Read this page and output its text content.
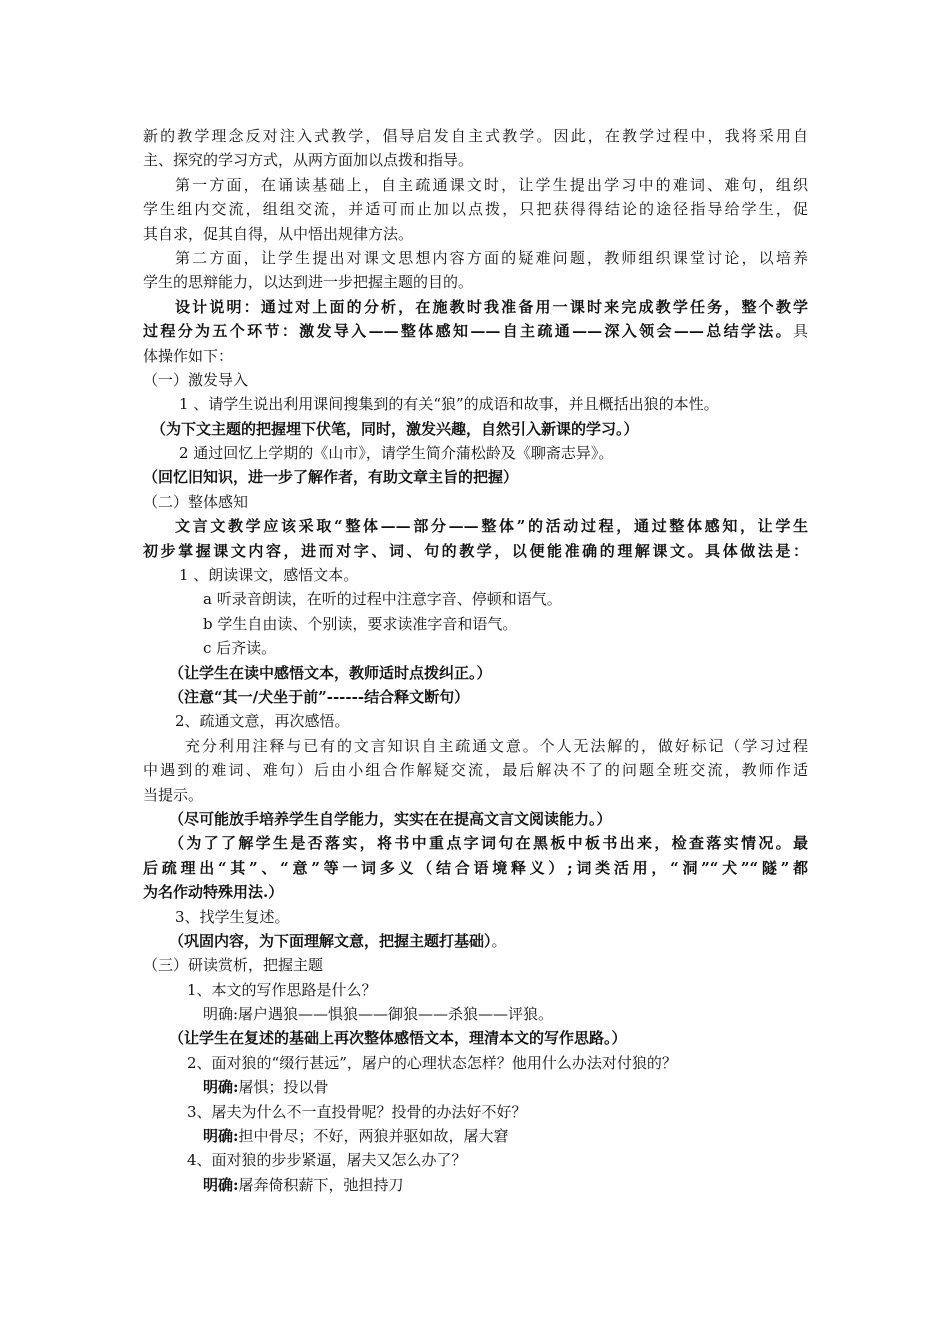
新的教学理念反对注入式教学，倡导启发自主式教学。因此，在教学过程中，我将采用自
主、探究的学习方式，从两方面加以点拨和指导。
第一方面，在诵读基础上，自主疏通课文时，让学生提出学习中的难词、难句，组织
学生组内交流，组组交流，并适可而止加以点拨，只把获得得结论的途径指导给学生，促
其自求，促其自得，从中悟出规律方法。
第二方面，让学生提出对课文思想内容方面的疑难问题，教师组织课堂讨论，以培养
学生的思辩能力，以达到进一步把握主题的目的。
设计说明：通过对上面的分析，在施教时我准备用一课时来完成教学任务，整个教学
过程分为五个环节：激发导入——整体感知——自主疏通——深入领会——总结学法。具
体操作如下：
（一）激发导入
1 、请学生说出利用课间搜集到的有关“狼”的成语和故事，并且概括出狼的本性。
（为下文主题的把握埋下伏笔，同时，激发兴趣，自然引入新课的学习。）
2 通过回忆上学期的《山市》，请学生简介蒲松龄及《聊斋志异》。
（回忆旧知识，进一步了解作者，有助文章主旨的把握）
（二）整体感知
文言文教学应该采取“整体——部分——整体”的活动过程，通过整体感知，让学生
初步掌握课文内容，进而对字、词、句的教学，以便能准确的理解课文。具体做法是：
1 、朗读课文，感悟文本。
a 听录音朗读，在听的过程中注意字音、停顿和语气。
b 学生自由读、个别读，要求读准字音和语气。
c 后齐读。
（让学生在读中感悟文本，教师适时点拨纠正。）
（注意“其一/犬坐于前”------结合释文断句）
2、疏通文意，再次感悟。
充分利用注释与已有的文言知识自主疏通文意。个人无法解的，做好标记（学习过程
中遇到的难词、难句）后由小组合作解疑交流，最后解决不了的问题全班交流，教师作适
当提示。
（尽可能放手培养学生自学能力，实实在在提高文言文阅读能力。）
（为了了解学生是否落实，将书中重点字词句在黑板中板书出来，检查落实情况。最
后疏理出“其”、“意”等一词多义（结合语境释义）;词类活用，“洞”“犬”“隧”都
为名作动特殊用法.）
3、找学生复述。
（巩固内容，为下面理解文意，把握主题打基础）。
（三）研读赏析，把握主题
1、本文的写作思路是什么？
明确:屠户遇狼——惧狼——御狼——杀狼——评狼。
（让学生在复述的基础上再次整体感悟文本，理清本文的写作思路。）
2、面对狼的“缀行甚远”，屠户的心理状态怎样？他用什么办法对付狼的？
明确:屠惧；投以骨
3、屠夫为什么不一直投骨呢？投骨的办法好不好？
明确:担中骨尽；不好，两狼并驱如故，屠大窘
4、面对狼的步步紧逼，屠夫又怎么办了？
明确:屠奔倚积薪下，弛担持刀
